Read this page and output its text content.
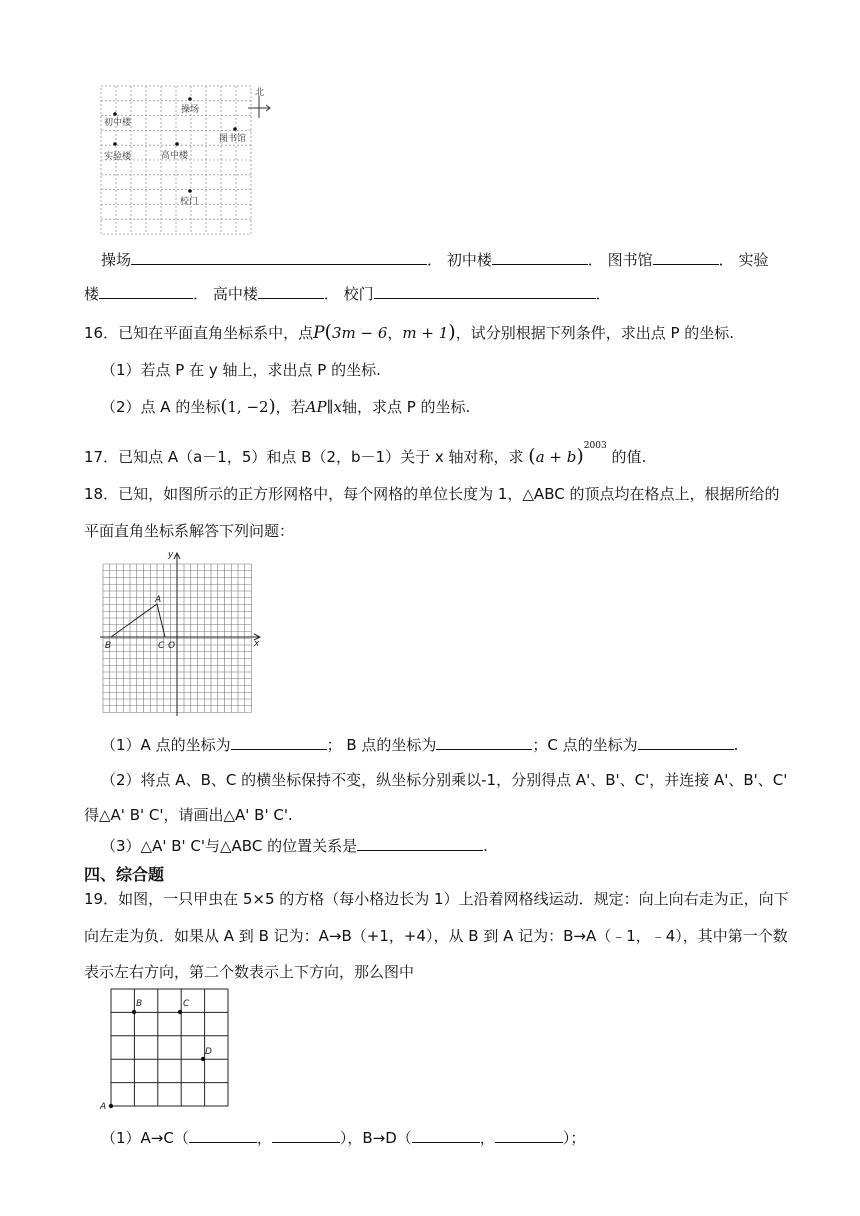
北
操场
初中楼
图书馆
实验楼	高中楼
校门
操场	． 初中楼	． 图书馆	． 实验
楼	． 高中楼	． 校门	．
16．已知在平面直角坐标系中，点P(3m − 6，m + 1)，试分别根据下列条件，求出点 P 的坐标.
（1）若点 P 在 y 轴上，求出点 P 的坐标.
（2）点 A 的坐标(1, −2)，若AP∥x轴，求点 P 的坐标.
17．已知点 A（a－1，5）和点 B（2，b－1）关于 x 轴对称，求 $(a + b)^{2003}$ 的值.
18．已知，如图所示的正方形网格中，每个网格的单位长度为 1，△ABC 的顶点均在格点上，根据所给的
平面直角坐标系解答下列问题：
y
x
A
B	C O
（1）A 点的坐标为	； B 点的坐标为	；C 点的坐标为	.
（2）将点 A、B、C 的横坐标保持不变，纵坐标分别乘以-1，分别得点 A'、B'、C'，并连接 A'、B'、C'
得△A' B' C'，请画出△A' B' C'.
（3）△A' B' C'与△ABC 的位置关系是	.
四、综合题
19．如图，一只甲虫在 5×5 的方格（每小格边长为 1）上沿着网格线运动．规定：向上向右走为正，向下
向左走为负．如果从 A 到 B 记为：A→B（+1，+4），从 B 到 A 记为：B→A（﹣1，﹣4），其中第一个数
表示左右方向，第二个数表示上下方向，那么图中
A
B	C
D
（1）A→C（	，	），B→D（	，	）；
